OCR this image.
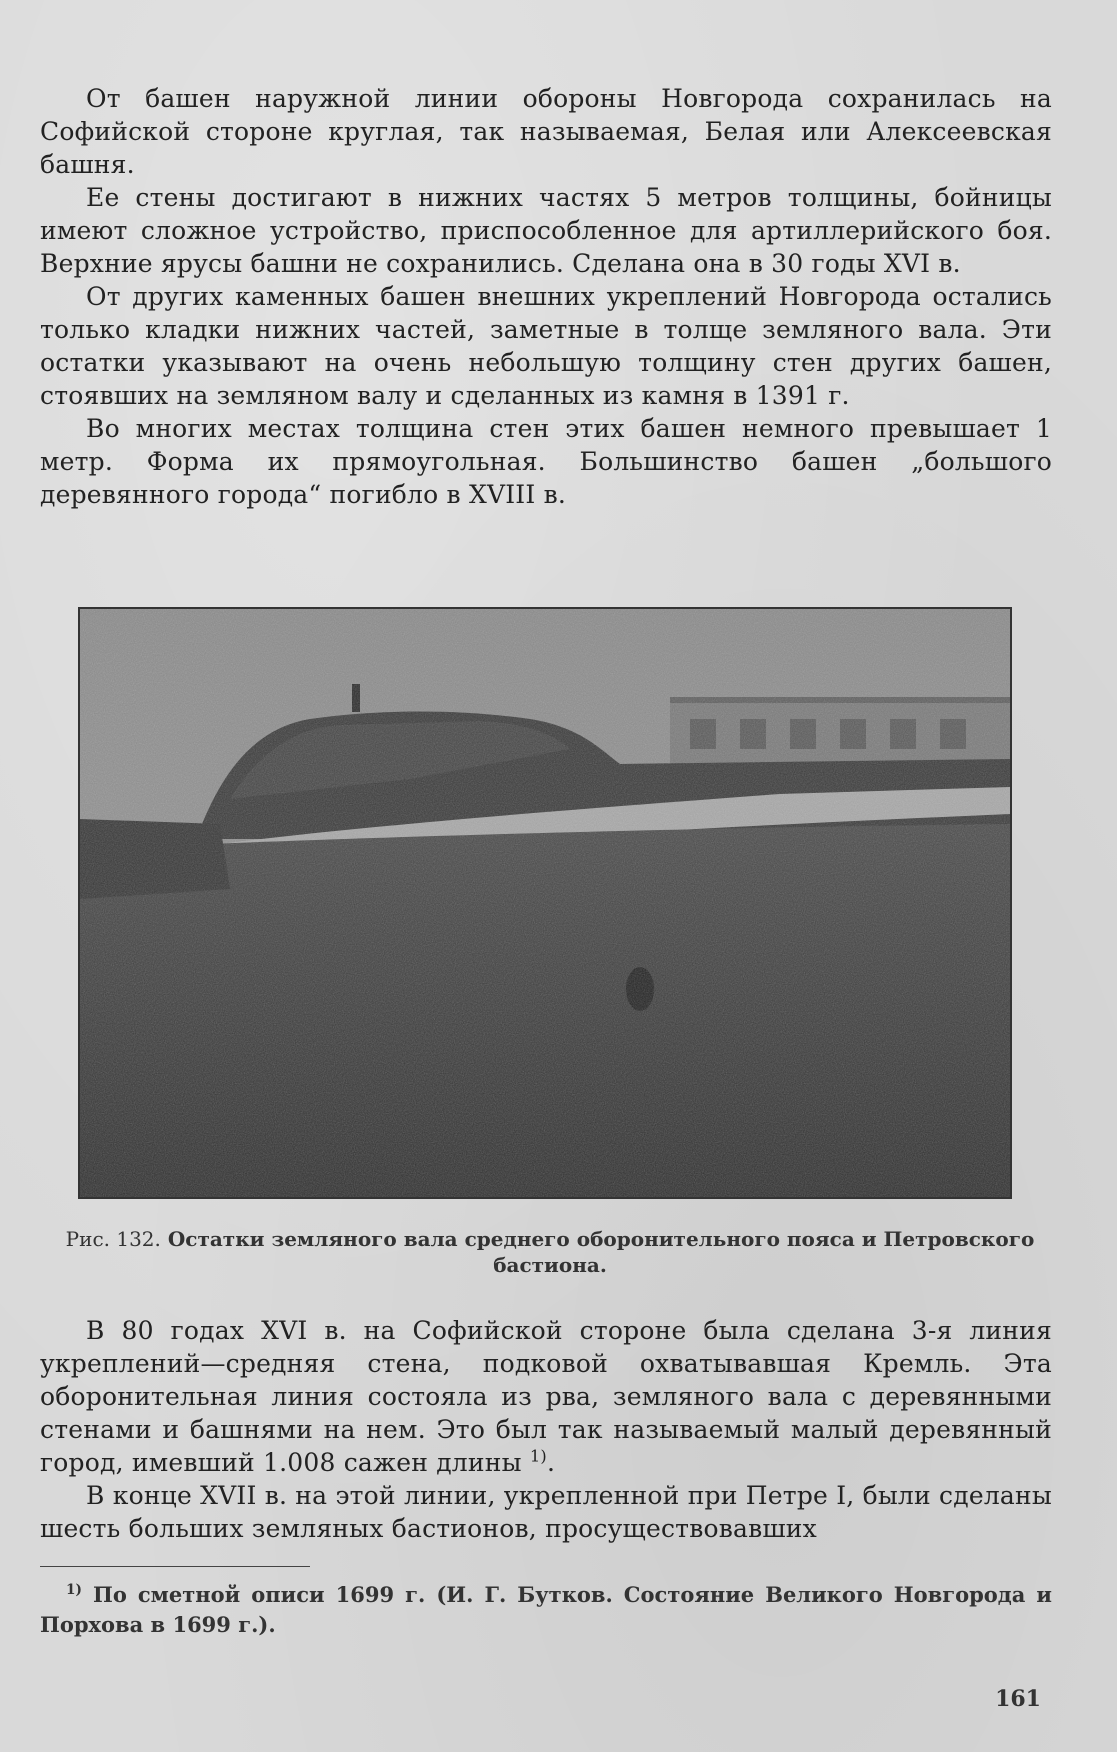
От башен наружной линии обороны Новгорода сохранилась на Софийской стороне круглая, так называемая, Белая или Алексеевская башня.

Ее стены достигают в нижних частях 5 метров толщины, бойницы имеют сложное устройство, приспособленное для артиллерийского боя. Верхние ярусы башни не сохранились. Сделана она в 30 годы XVI в.

От других каменных башен внешних укреплений Новгорода остались только кладки нижних частей, заметные в толще земляного вала. Эти остатки указывают на очень небольшую толщину стен других башен, стоявших на земляном валу и сделанных из камня в 1391 г.

Во многих местах толщина стен этих башен немного превышает 1 метр. Форма их прямоугольная. Большинство башен „большого деревянного города“ погибло в XVIII в.

Рис. 132. Остатки земляного вала среднего оборонительного пояса и Петровского бастиона.

В 80 годах XVI в. на Софийской стороне была сделана 3-я линия укреплений—средняя стена, подковой охватывавшая Кремль. Эта оборонительная линия состояла из рва, земляного вала с деревянными стенами и башнями на нем. Это был так называемый малый деревянный город, имевший 1.008 сажен длины $^{1)}$.

В конце XVII в. на этой линии, укрепленной при Петре I, были сделаны шесть больших земляных бастионов, просуществовавших

$^{1)}$ По сметной описи 1699 г. (И. Г. Бутков. Состояние Великого Новгорода и Порхова в 1699 г.).
161
